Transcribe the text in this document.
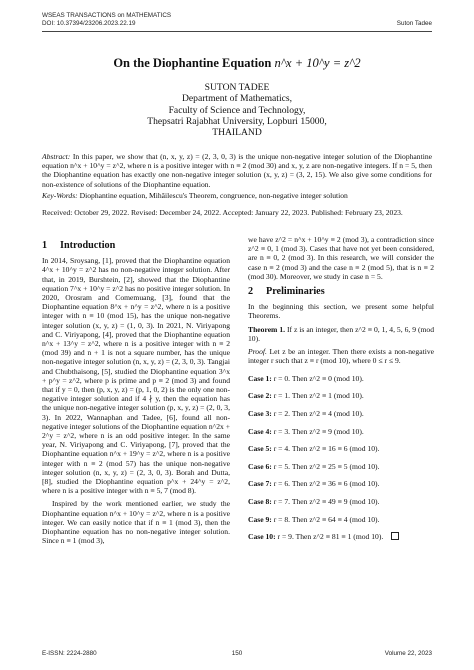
WSEAS TRANSACTIONS on MATHEMATICS
DOI: 10.37394/23206.2023.22.19	Suton Tadee
On the Diophantine Equation n^x + 10^y = z^2
SUTON TADEE
Department of Mathematics,
Faculty of Science and Technology,
Thepsatri Rajabhat University, Lopburi 15000,
THAILAND
Abstract: In this paper, we show that (n, x, y, z) = (2, 3, 0, 3) is the unique non-negative integer solution of the Diophantine equation n^x + 10^y = z^2, where n is a positive integer with n ≡ 2 (mod 30) and x, y, z are non-negative integers. If n = 5, then the Diophantine equation has exactly one non-negative integer solution (x, y, z) = (3, 2, 15). We also give some conditions for non-existence of solutions of the Diophantine equation.
Key-Words: Diophantine equation, Mihăilescu's Theorem, congruence, non-negative integer solution
Received: October 29, 2022. Revised: December 24, 2022. Accepted: January 22, 2023. Published: February 23, 2023.
1 Introduction

In 2014, Sroysang, [1], proved that the Diophantine equation 4^x + 10^y = z^2 has no non-negative integer solution. After that, in 2019, Burshtein, [2], showed that the Diophantine equation 7^x + 10^y = z^2 has no positive integer solution. In 2020, Orosram and Comemuang, [3], found that the Diophantine equation 8^x + n^y = z^2, where n is a positive integer with n ≡ 10 (mod 15), has the unique non-negative integer solution (x, y, z) = (1, 0, 3). In 2021, N. Viriyapong and C. Viriyapong, [4], proved that the Diophantine equation n^x + 13^y = z^2, where n is a positive integer with n ≡ 2 (mod 39) and n + 1 is not a square number, has the unique non-negative integer solution (n, x, y, z) = (2, 3, 0, 3). Tangjai and Chubthaisong, [5], studied the Diophantine equation 3^x + p^y = z^2, where p is prime and p ≡ 2 (mod 3) and found that if y = 0, then (p, x, y, z) = (p, 1, 0, 2) is the only one non-negative integer solution and if 4 ∤ y, then the equation has the unique non-negative integer solution (p, x, y, z) = (2, 0, 3, 3). In 2022, Wannaphan and Tadee, [6], found all non-negative integer solutions of the Diophantine equation n^2x + 2^y = z^2, where n is an odd positive integer. In the same year, N. Viriyapong and C. Viriyapong, [7], proved that the Diophantine equation n^x + 19^y = z^2, where n is a positive integer with n ≡ 2 (mod 57) has the unique non-negative integer solution (n, x, y, z) = (2, 3, 0, 3). Borah and Dutta, [8], studied the Diophantine equation p^x + 24^y = z^2, where n is a positive integer with n ≡ 5, 7 (mod 8).

Inspired by the work mentioned earlier, we study the Diophantine equation n^x + 10^y = z^2, where n is a positive integer. We can easily notice that if n ≡ 1 (mod 3), then the Diophantine equation has no non-negative integer solution. Since n ≡ 1 (mod 3),

we have z^2 = n^x + 10^y ≡ 2 (mod 3), a contradiction since z^2 ≡ 0, 1 (mod 3). Cases that have not yet been considered, are n ≡ 0, 2 (mod 3). In this research, we will consider the case n ≡ 2 (mod 3) and the case n ≡ 2 (mod 5), that is n ≡ 2 (mod 30). Moreover, we study in case n = 5.

2 Preliminaries

In the beginning this section, we present some helpful Theorems.

Theorem 1. If z is an integer, then z^2 ≡ 0, 1, 4, 5, 6, 9 (mod 10).

Proof. Let z be an integer. Then there exists a non-negative integer r such that z ≡ r (mod 10), where 0 ≤ r ≤ 9.

Case 1: r = 0. Then z^2 ≡ 0 (mod 10).

Case 2: r = 1. Then z^2 ≡ 1 (mod 10).

Case 3: r = 2. Then z^2 ≡ 4 (mod 10).

Case 4: r = 3. Then z^2 ≡ 9 (mod 10).

Case 5: r = 4. Then z^2 ≡ 16 ≡ 6 (mod 10).

Case 6: r = 5. Then z^2 ≡ 25 ≡ 5 (mod 10).

Case 7: r = 6. Then z^2 ≡ 36 ≡ 6 (mod 10).

Case 8: r = 7. Then z^2 ≡ 49 ≡ 9 (mod 10).

Case 9: r = 8. Then z^2 ≡ 64 ≡ 4 (mod 10).

Case 10: r = 9. Then z^2 ≡ 81 ≡ 1 (mod 10).

E-ISSN: 2224-2880	150	Volume 22, 2023
